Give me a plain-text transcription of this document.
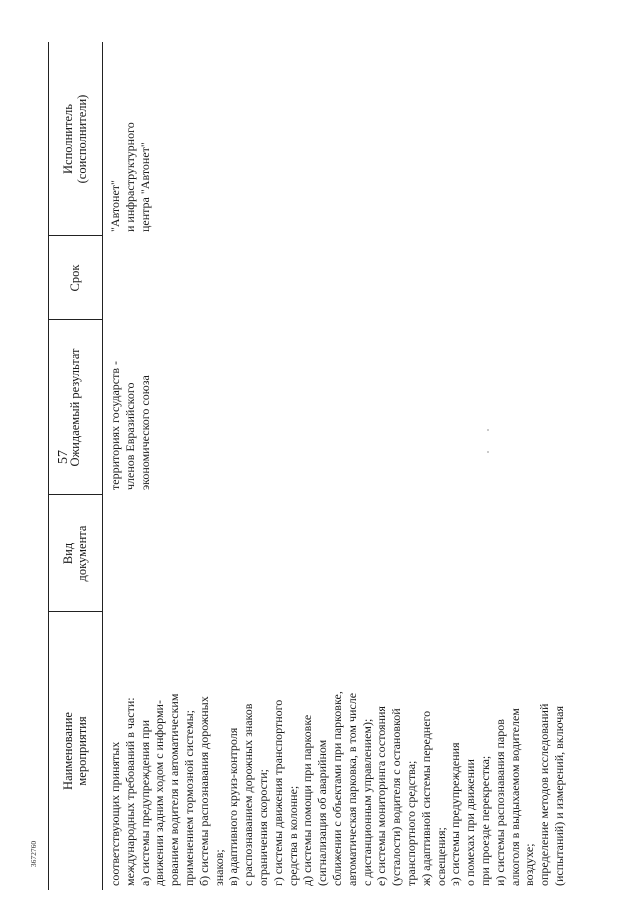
57
3672760
Наименование
мероприятия
Вид
документа
Ожидаемый результат
Срок
Исполнитель
(соисполнители)
соответствующих принятых
международных требований в части:
а) системы предупреждения при
движении задним ходом с информи-
рованием водителя и автоматическим
применением тормозной системы;
б) системы распознавания дорожных
знаков;
в) адаптивного круиз-контроля
с распознаванием дорожных знаков
ограничения скорости;
г) системы движения транспортного
средства в колонне;
д) системы помощи при парковке
(сигнализация об аварийном
сближении с объектами при парковке,
автоматическая парковка, в том числе
с дистанционным управлением);
е) системы мониторинга состояния
(усталости) водителя с остановкой
транспортного средства;
ж) адаптивной системы переднего
освещения;
з) системы предупреждения
о помехах при движении
при проезде перекрестка;
и) системы распознавания паров
алкоголя в выдыхаемом водителем
воздухе;
определение методов исследований
(испытаний) и измерений, включая
территориях государств -
членов Евразийского
экономического союза
"Автонет"
и инфраструктурного
центра "Автонет"
